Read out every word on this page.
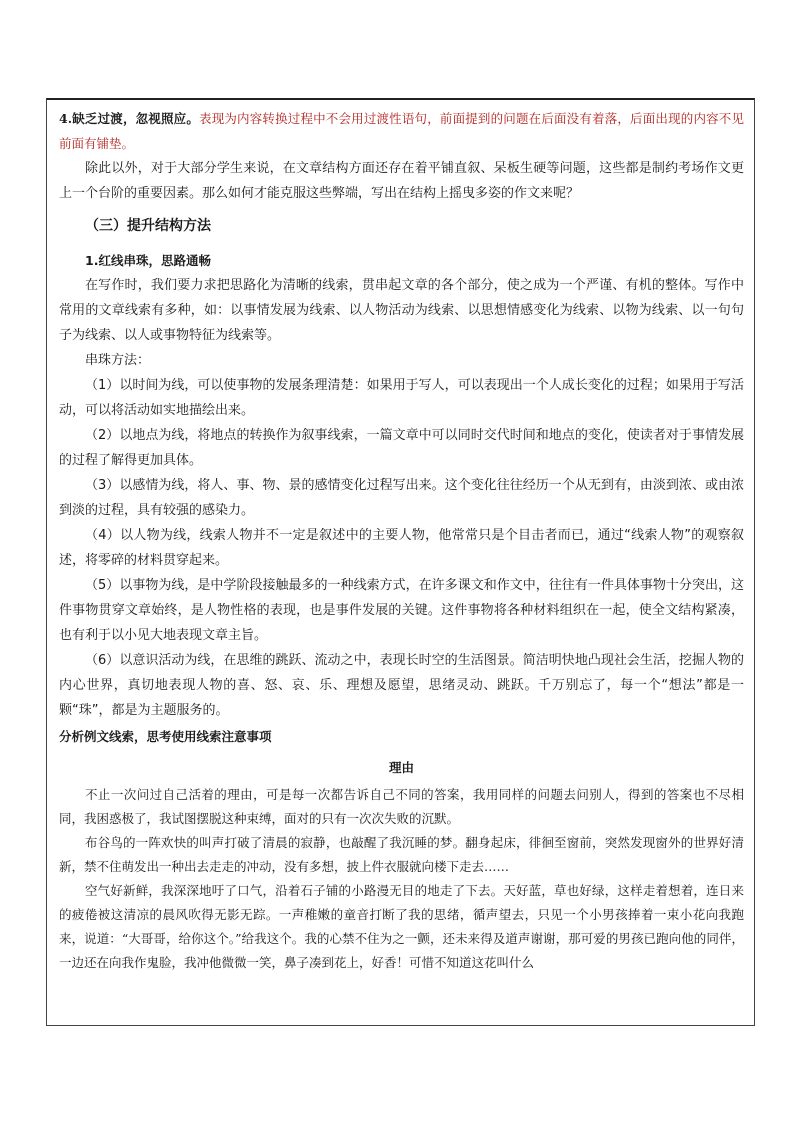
4.缺乏过渡，忽视照应。表现为内容转换过程中不会用过渡性语句，前面提到的问题在后面没有着落，后面出现的内容不见前面有铺垫。

除此以外，对于大部分学生来说，在文章结构方面还存在着平铺直叙、呆板生硬等问题，这些都是制约考场作文更上一个台阶的重要因素。那么如何才能克服这些弊端，写出在结构上摇曳多姿的作文来呢？

（三）提升结构方法
1.红线串珠，思路通畅

在写作时，我们要力求把思路化为清晰的线索，贯串起文章的各个部分，使之成为一个严谨、有机的整体。写作中常用的文章线索有多种，如：以事情发展为线索、以人物活动为线索、以思想情感变化为线索、以物为线索、以一句句子为线索、以人或事物特征为线索等。

串珠方法：

（1）以时间为线，可以使事物的发展条理清楚：如果用于写人，可以表现出一个人成长变化的过程；如果用于写活动，可以将活动如实地描绘出来。

（2）以地点为线，将地点的转换作为叙事线索，一篇文章中可以同时交代时间和地点的变化，使读者对于事情发展的过程了解得更加具体。

（3）以感情为线，将人、事、物、景的感情变化过程写出来。这个变化往往经历一个从无到有，由淡到浓、或由浓到淡的过程，具有较强的感染力。

（4）以人物为线，线索人物并不一定是叙述中的主要人物，他常常只是个目击者而已，通过“线索人物”的观察叙述，将零碎的材料贯穿起来。

（5）以事物为线，是中学阶段接触最多的一种线索方式，在许多课文和作文中，往往有一件具体事物十分突出，这件事物贯穿文章始终，是人物性格的表现，也是事件发展的关键。这件事物将各种材料组织在一起，使全文结构紧凑，也有利于以小见大地表现文章主旨。

（6）以意识活动为线，在思维的跳跃、流动之中，表现长时空的生活图景。简洁明快地凸现社会生活，挖掘人物的内心世界，真切地表现人物的喜、怒、哀、乐、理想及愿望，思绪灵动、跳跃。千万别忘了，每一个“想法”都是一颗“珠”，都是为主题服务的。

分析例文线索，思考使用线索注意事项
理由

不止一次问过自己活着的理由，可是每一次都告诉自己不同的答案，我用同样的问题去问别人，得到的答案也不尽相同，我困惑极了，我试图摆脱这种束缚，面对的只有一次次失败的沉默。

布谷鸟的一阵欢快的叫声打破了清晨的寂静，也敲醒了我沉睡的梦。翻身起床，徘徊至窗前，突然发现窗外的世界好清新，禁不住萌发出一种出去走走的冲动，没有多想，披上件衣服就向楼下走去……

空气好新鲜，我深深地吁了口气，沿着石子铺的小路漫无目的地走了下去。天好蓝，草也好绿，这样走着想着，连日来的疲倦被这清凉的晨风吹得无影无踪。一声稚嫩的童音打断了我的思绪，循声望去，只见一个小男孩捧着一束小花向我跑来，说道：“大哥哥，给你这个。”给我这个。我的心禁不住为之一颤，还未来得及道声谢谢，那可爱的男孩已跑向他的同伴，一边还在向我作鬼脸，我冲他微微一笑，鼻子凑到花上，好香！可惜不知道这花叫什么
